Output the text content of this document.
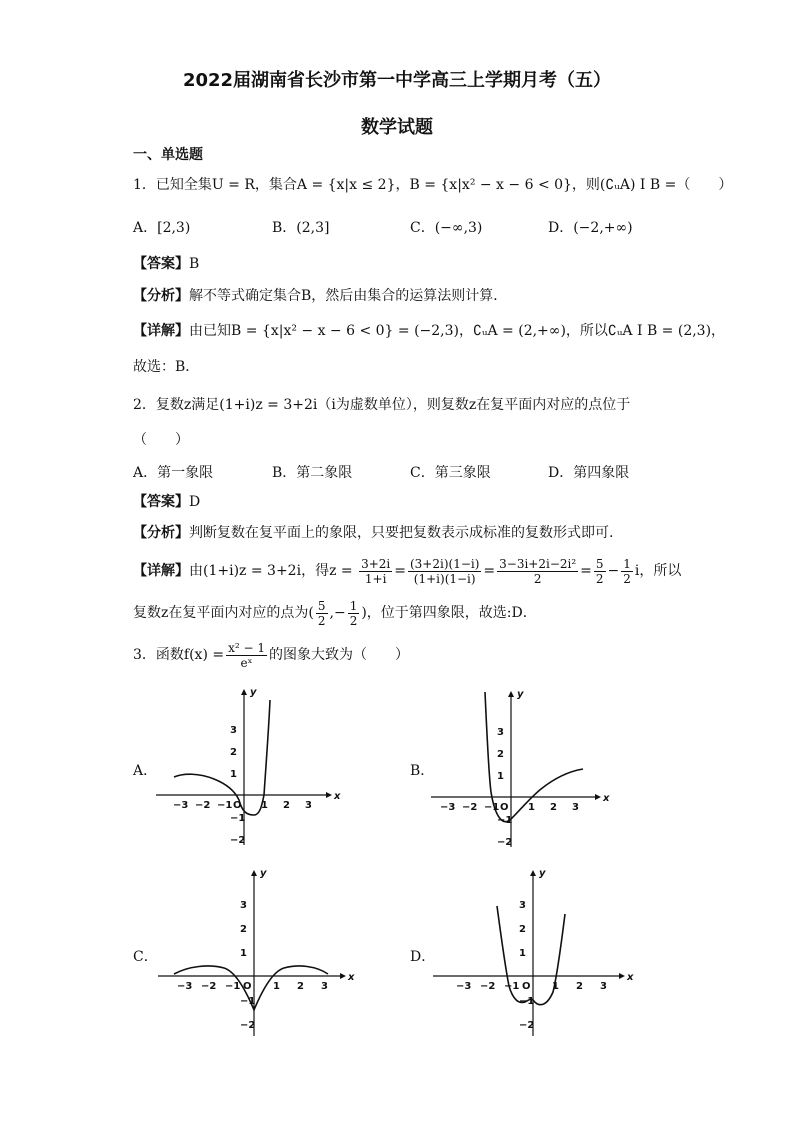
2022届湖南省长沙市第一中学高三上学期月考（五）
数学试题
一、单选题
1．已知全集U = R，集合A = {x|x ≤ 2}，B = {x|x² − x − 6 < 0}，则(∁ᵤA) I B =（　　）
A．[2,3)	B．(2,3]	C．(−∞,3)	D．(−2,+∞)
【答案】B
【分析】解不等式确定集合B，然后由集合的运算法则计算．
【详解】由已知B = {x|x² − x − 6 < 0} = (−2,3)，∁ᵤA = (2,+∞)，所以∁ᵤA I B = (2,3)，
故选：B．
2．复数z满足(1+i)z = 3+2i（i为虚数单位），则复数z在复平面内对应的点位于
（　　）
A．第一象限	B．第二象限	C．第三象限	D．第四象限
【答案】D
【分析】判断复数在复平面上的象限，只要把复数表示成标准的复数形式即可.
【详解】由(1+i)z = 3+2i，得$z = \frac{3+2i}{1+i} = \frac{(3+2i)(1-i)}{(1+i)(1-i)} = \frac{\text{3−3i+2i−2i²}}{2} = \frac{5}{2} - \frac{1}{2}$ i，所以
复数z在复平面内对应的点为( $\frac{5}{2}$ ,− $\frac{1}{2}$ )，位于第四象限，故选:D．
3．函数$f(x) = \frac{\text{x² − 1}}{\text{eˣ}}$ 的图象大致为（　　）
A．	B．
C．	D．
−3 −2 −1	1 2 3
3
2
1
−1
−2
O
x
y
−3 −2 −1	1 2 3
3
2
1
−1
−2
O
x
y
−3 −2 −1	1 2 3
3
2
1
−1
−2
O
x
y
−3 −2 −1	1 2 3
3
2
1
−1
−2
O
x
y
